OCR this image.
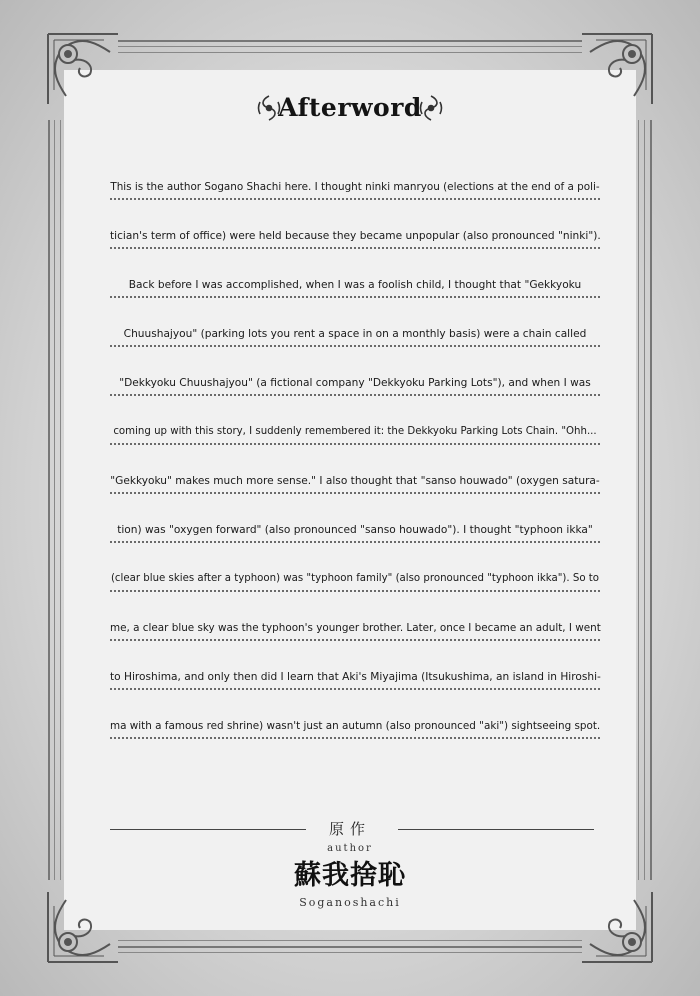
Afterword
This is the author Sogano Shachi here. I thought ninki manryou (elections at the end of a poli-
tician's term of office) were held because they became unpopular (also pronounced "ninki").
Back before I was accomplished, when I was a foolish child, I thought that "Gekkyoku
Chuushajyou" (parking lots you rent a space in on a monthly basis) were a chain called
"Dekkyoku Chuushajyou" (a fictional company "Dekkyoku Parking Lots"), and when I was
coming up with this story, I suddenly remembered it: the Dekkyoku Parking Lots Chain. "Ohh...
"Gekkyoku" makes much more sense." I also thought that "sanso houwado" (oxygen satura-
tion) was "oxygen forward" (also pronounced "sanso houwado"). I thought "typhoon ikka"
(clear blue skies after a typhoon) was "typhoon family" (also pronounced "typhoon ikka"). So to
me, a clear blue sky was the typhoon's younger brother. Later, once I became an adult, I went
to Hiroshima, and only then did I learn that Aki's Miyajima (Itsukushima, an island in Hiroshi-
ma with a famous red shrine) wasn't just an autumn (also pronounced "aki") sightseeing spot.
原作
author
蘇我捨恥
Soganoshachi
